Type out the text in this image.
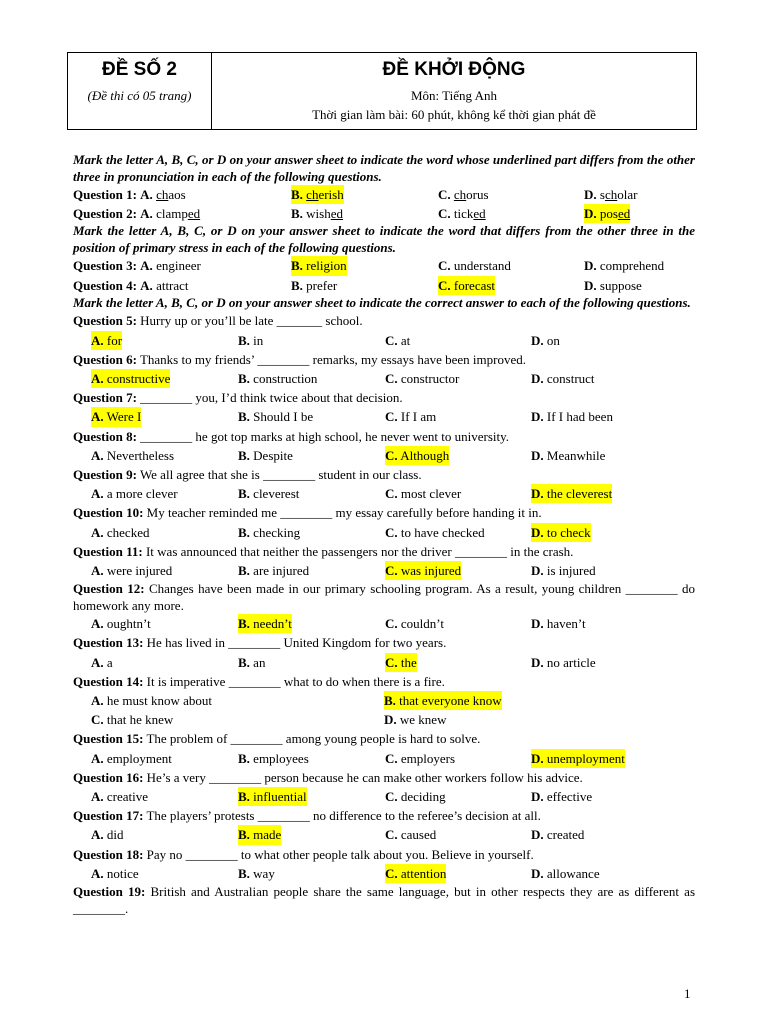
ĐỀ SỐ 2
(Đề thi có 05 trang)
ĐỀ KHỞI ĐỘNG
Môn: Tiếng Anh
Thời gian làm bài: 60 phút, không kể thời gian phát đề
Mark the letter A, B, C, or D on your answer sheet to indicate the word whose underlined part differs from the other three in pronunciation in each of the following questions.
Question 1: A. chaos	B. cherish	C. chorus	D. scholar
Question 2: A. clamped	B. wished	C. ticked	D. posed
Mark the letter A, B, C, or D on your answer sheet to indicate the word that differs from the other three in the position of primary stress in each of the following questions.
Question 3: A. engineer	B. religion	C. understand	D. comprehend
Question 4: A. attract	B. prefer	C. forecast	D. suppose
Mark the letter A, B, C, or D on your answer sheet to indicate the correct answer to each of the following questions.
Question 5: Hurry up or you’ll be late _______ school.
A. for	B. in	C. at	D. on
Question 6: Thanks to my friends’ ________ remarks, my essays have been improved.
A. constructive	B. construction	C. constructor	D. construct
Question 7: ________ you, I’d think twice about that decision.
A. Were I	B. Should I be	C. If I am	D. If I had been
Question 8: ________ he got top marks at high school, he never went to university.
A. Nevertheless	B. Despite	C. Although	D. Meanwhile
Question 9: We all agree that she is ________ student in our class.
A. a more clever	B. cleverest	C. most clever	D. the cleverest
Question 10: My teacher reminded me ________ my essay carefully before handing it in.
A. checked	B. checking	C. to have checked	D. to check
Question 11: It was announced that neither the passengers nor the driver ________ in the crash.
A. were injured	B. are injured	C. was injured	D. is injured
Question 12: Changes have been made in our primary schooling program. As a result, young children ________ do homework any more.
A. oughtn’t	B. needn’t	C. couldn’t	D. haven’t
Question 13: He has lived in ________ United Kingdom for two years.
A. a	B. an	C. the	D. no article
Question 14: It is imperative ________ what to do when there is a fire.
A. he must know about	B. that everyone know
C. that he knew	D. we knew
Question 15: The problem of ________ among young people is hard to solve.
A. employment	B. employees	C. employers	D. unemployment
Question 16: He’s a very ________ person because he can make other workers follow his advice.
A. creative	B. influential	C. deciding	D. effective
Question 17: The players’ protests ________ no difference to the referee’s decision at all.
A. did	B. made	C. caused	D. created
Question 18: Pay no ________ to what other people talk about you. Believe in yourself.
A. notice	B. way	C. attention	D. allowance
Question 19: British and Australian people share the same language, but in other respects they are as different as ________.
1
